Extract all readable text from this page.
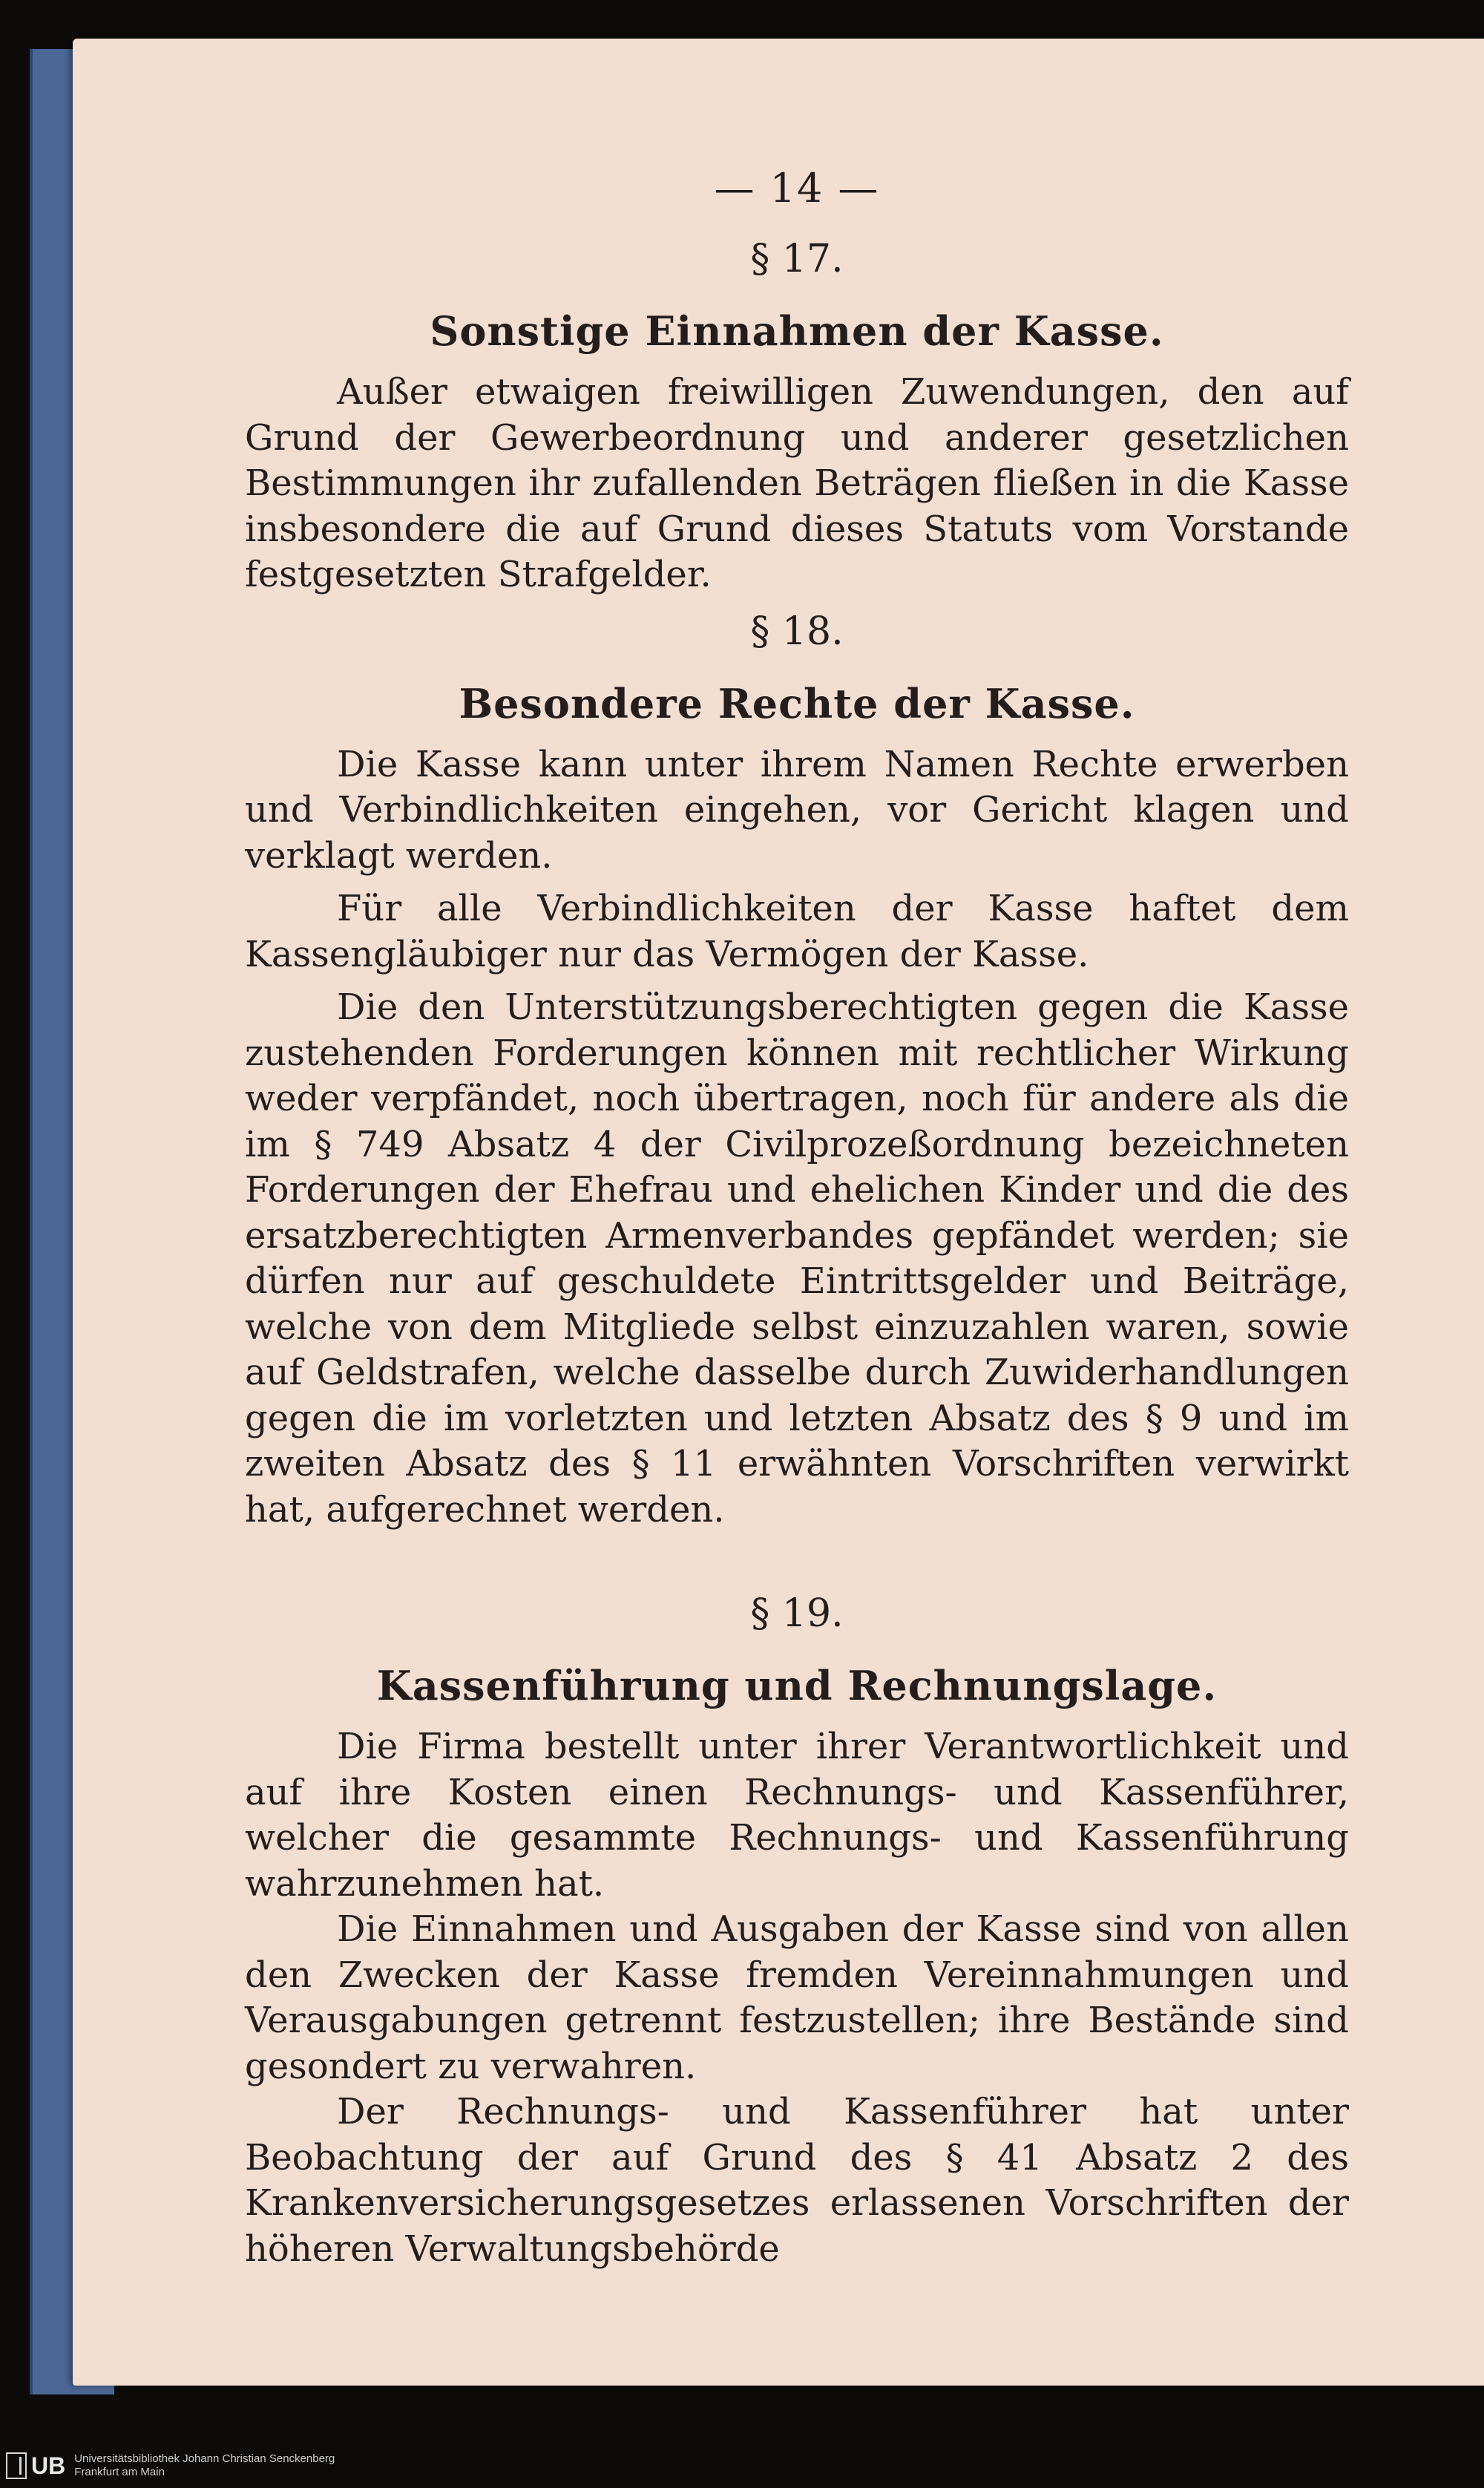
— 14 —
§ 17.
Sonstige Einnahmen der Kasse.

Außer etwaigen freiwilligen Zuwendungen, den auf Grund der Gewerbeordnung und anderer gesetzlichen Bestimmungen ihr zufallenden Beträgen fließen in die Kasse insbesondere die auf Grund dieses Statuts vom Vorstande festgesetzten Strafgelder.

§ 18.
Besondere Rechte der Kasse.

Die Kasse kann unter ihrem Namen Rechte erwerben und Verbindlichkeiten eingehen, vor Gericht klagen und verklagt werden.

Für alle Verbindlichkeiten der Kasse haftet dem Kassengläubiger nur das Vermögen der Kasse.

Die den Unterstützungsberechtigten gegen die Kasse zustehenden Forderungen können mit rechtlicher Wirkung weder verpfändet, noch übertragen, noch für andere als die im § 749 Absatz 4 der Civilprozeßordnung bezeichneten Forderungen der Ehefrau und ehelichen Kinder und die des ersatzberechtigten Armenverbandes gepfändet werden; sie dürfen nur auf geschuldete Eintrittsgelder und Beiträge, welche von dem Mitgliede selbst einzuzahlen waren, sowie auf Geldstrafen, welche dasselbe durch Zuwiderhandlungen gegen die im vorletzten und letzten Absatz des § 9 und im zweiten Absatz des § 11 erwähnten Vorschriften verwirkt hat, aufgerechnet werden.

§ 19.
Kassenführung und Rechnungslage.

Die Firma bestellt unter ihrer Verantwortlichkeit und auf ihre Kosten einen Rechnungs- und Kassenführer, welcher die gesammte Rechnungs- und Kassenführung wahrzunehmen hat.

Die Einnahmen und Ausgaben der Kasse sind von allen den Zwecken der Kasse fremden Vereinnahmungen und Verausgabungen getrennt festzustellen; ihre Bestände sind gesondert zu verwahren.

Der Rechnungs- und Kassenführer hat unter Beobachtung der auf Grund des § 41 Absatz 2 des Krankenversicherungsgesetzes erlassenen Vorschriften der höheren Verwaltungsbehörde

UB Universitätsbibliothek Johann Christian Senckenberg
Frankfurt am Main
